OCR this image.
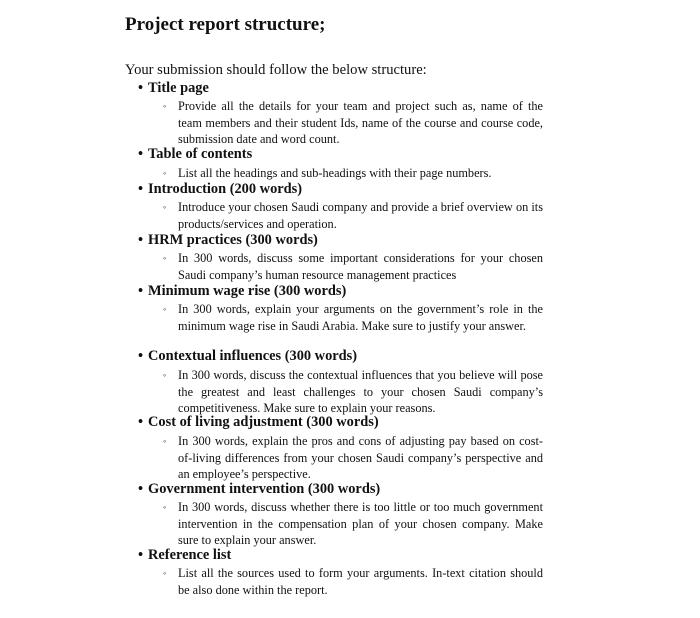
Project report structure;
Your submission should follow the below structure:
• Title page
◦ Provide all the details for your team and project such as, name of the team members and their student Ids, name of the course and course code, submission date and word count.
• Table of contents
◦ List all the headings and sub-headings with their page numbers.
• Introduction (200 words)
◦ Introduce your chosen Saudi company and provide a brief overview on its products/services and operation.
• HRM practices (300 words)
◦ In 300 words, discuss some important considerations for your chosen Saudi company’s human resource management practices
• Minimum wage rise (300 words)
◦ In 300 words, explain your arguments on the government’s role in the minimum wage rise in Saudi Arabia. Make sure to justify your answer.
• Contextual influences (300 words)
◦ In 300 words, discuss the contextual influences that you believe will pose the greatest and least challenges to your chosen Saudi company’s competitiveness. Make sure to explain your reasons.
• Cost of living adjustment (300 words)
◦ In 300 words, explain the pros and cons of adjusting pay based on cost-of-living differences from your chosen Saudi company’s perspective and an employee’s perspective.
• Government intervention (300 words)
◦ In 300 words, discuss whether there is too little or too much government intervention in the compensation plan of your chosen company. Make sure to explain your answer.
• Reference list
◦ List all the sources used to form your arguments. In-text citation should be also done within the report.
